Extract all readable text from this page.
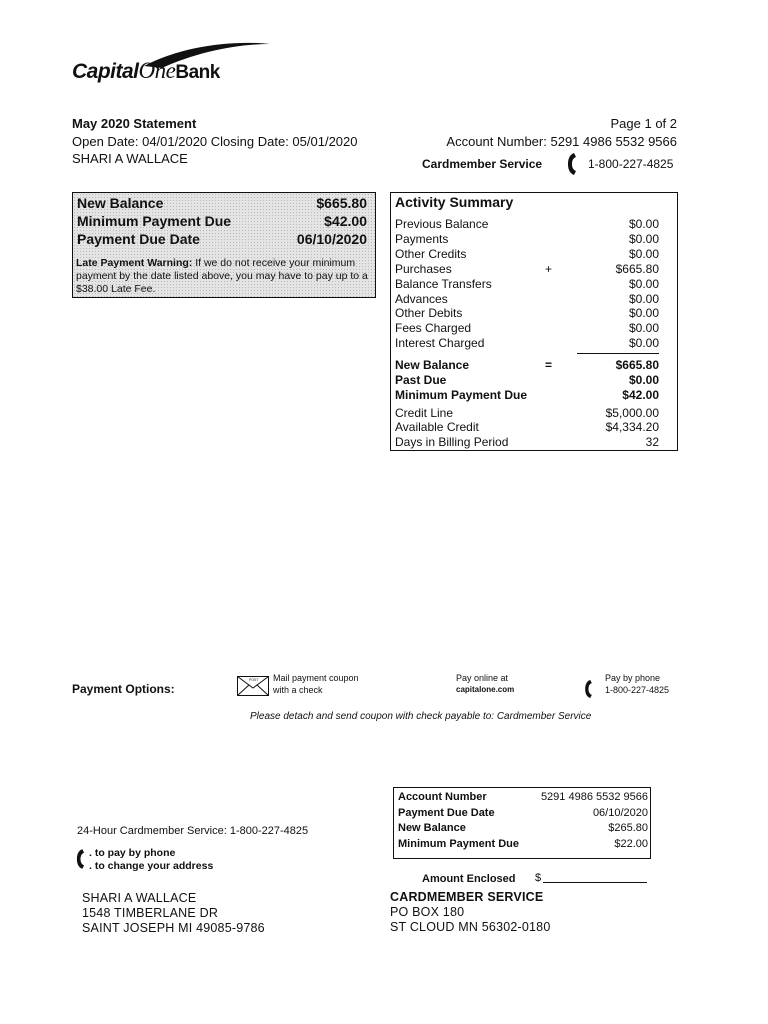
CapitalOneBank
May 2020 Statement
Open Date: 04/01/2020 Closing Date: 05/01/2020
SHARI A WALLACE
Page 1 of 2
Account Number: 5291 4986 5532 9566
Cardmember Service	1-800-227-4825
New Balance	$665.80
Minimum Payment Due	$42.00
Payment Due Date	06/10/2020
Late Payment Warning: If we do not receive your minimum payment by the date listed above, you may have to pay up to a $38.00 Late Fee.
Activity Summary
Previous Balance	$0.00
Payments	$0.00
Other Credits	$0.00
Purchases	+	$665.80
Balance Transfers	$0.00
Advances	$0.00
Other Debits	$0.00
Fees Charged	$0.00
Interest Charged	$0.00
New Balance	=	$665.80
Past Due	$0.00
Minimum Payment Due	$42.00
Credit Line	$5,000.00
Available Credit	$4,334.20
Days in Billing Period	32
Payment Options:
POST Mail payment coupon
with a check
Pay online at
capitalone.com
Pay by phone
1-800-227-4825
Please detach and send coupon with check payable to: Cardmember Service
Account Number	5291 4986 5532 9566
Payment Due Date	06/10/2020
New Balance	$265.80
Minimum Payment Due	$22.00
Amount Enclosed $
24-Hour Cardmember Service: 1-800-227-4825
. to pay by phone
. to change your address
SHARI A WALLACE
1548 TIMBERLANE DR
SAINT JOSEPH MI 49085-9786
CARDMEMBER SERVICE
PO BOX 180
ST CLOUD MN 56302-0180
